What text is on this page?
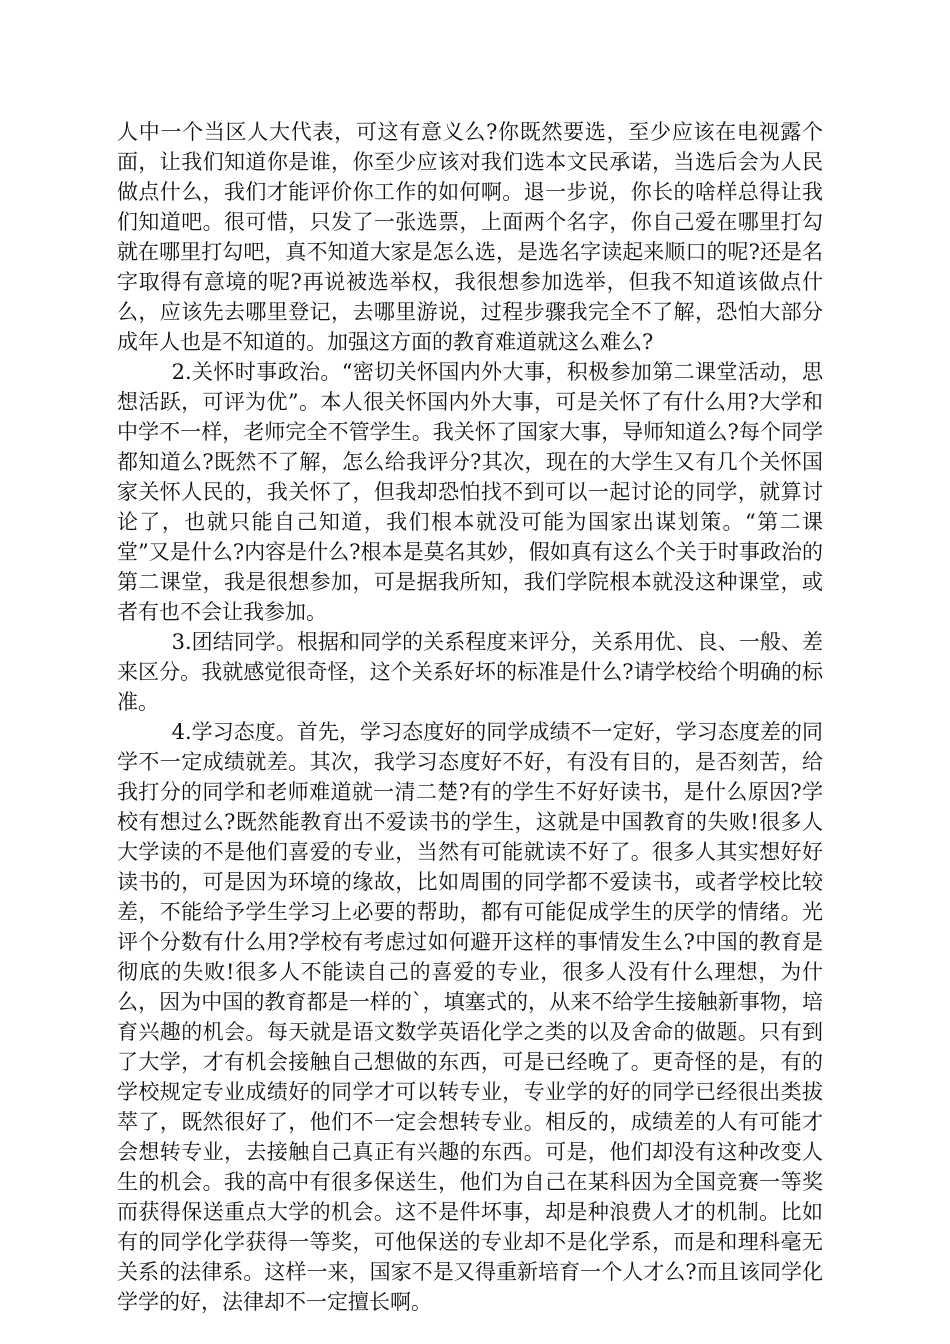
人中一个当区人大代表，可这有意义么?你既然要选，至少应该在电视露个面，让我们知道你是谁，你至少应该对我们选本文民承诺，当选后会为人民做点什么，我们才能评价你工作的如何啊。退一步说，你长的啥样总得让我们知道吧。很可惜，只发了一张选票，上面两个名字，你自己爱在哪里打勾就在哪里打勾吧，真不知道大家是怎么选，是选名字读起来顺口的呢?还是名字取得有意境的呢?再说被选举权，我很想参加选举，但我不知道该做点什么，应该先去哪里登记，去哪里游说，过程步骤我完全不了解，恐怕大部分成年人也是不知道的。加强这方面的教育难道就这么难么?

2.关怀时事政治。“密切关怀国内外大事，积极参加第二课堂活动，思想活跃，可评为优”。本人很关怀国内外大事，可是关怀了有什么用?大学和中学不一样，老师完全不管学生。我关怀了国家大事，导师知道么?每个同学都知道么?既然不了解，怎么给我评分?其次，现在的大学生又有几个关怀国家关怀人民的，我关怀了，但我却恐怕找不到可以一起讨论的同学，就算讨论了，也就只能自己知道，我们根本就没可能为国家出谋划策。“第二课堂”又是什么?内容是什么?根本是莫名其妙，假如真有这么个关于时事政治的第二课堂，我是很想参加，可是据我所知，我们学院根本就没这种课堂，或者有也不会让我参加。

3.团结同学。根据和同学的关系程度来评分，关系用优、良、一般、差来区分。我就感觉很奇怪，这个关系好坏的标准是什么?请学校给个明确的标准。

4.学习态度。首先，学习态度好的同学成绩不一定好，学习态度差的同学不一定成绩就差。其次，我学习态度好不好，有没有目的，是否刻苦，给我打分的同学和老师难道就一清二楚?有的学生不好好读书，是什么原因?学校有想过么?既然能教育出不爱读书的学生，这就是中国教育的失败!很多人大学读的不是他们喜爱的专业，当然有可能就读不好了。很多人其实想好好读书的，可是因为环境的缘故，比如周围的同学都不爱读书，或者学校比较差，不能给予学生学习上必要的帮助，都有可能促成学生的厌学的情绪。光评个分数有什么用?学校有考虑过如何避开这样的事情发生么?中国的教育是彻底的失败!很多人不能读自己的喜爱的专业，很多人没有什么理想，为什么，因为中国的教育都是一样的`，填塞式的，从来不给学生接触新事物，培育兴趣的机会。每天就是语文数学英语化学之类的以及舍命的做题。只有到了大学，才有机会接触自己想做的东西，可是已经晚了。更奇怪的是，有的学校规定专业成绩好的同学才可以转专业，专业学的好的同学已经很出类拔萃了，既然很好了，他们不一定会想转专业。相反的，成绩差的人有可能才会想转专业，去接触自己真正有兴趣的东西。可是，他们却没有这种改变人生的机会。我的高中有很多保送生，他们为自己在某科因为全国竞赛一等奖而获得保送重点大学的机会。这不是件坏事，却是种浪费人才的机制。比如有的同学化学获得一等奖，可他保送的专业却不是化学系，而是和理科毫无关系的法律系。这样一来，国家不是又得重新培育一个人才么?而且该同学化学学的好，法律却不一定擅长啊。
